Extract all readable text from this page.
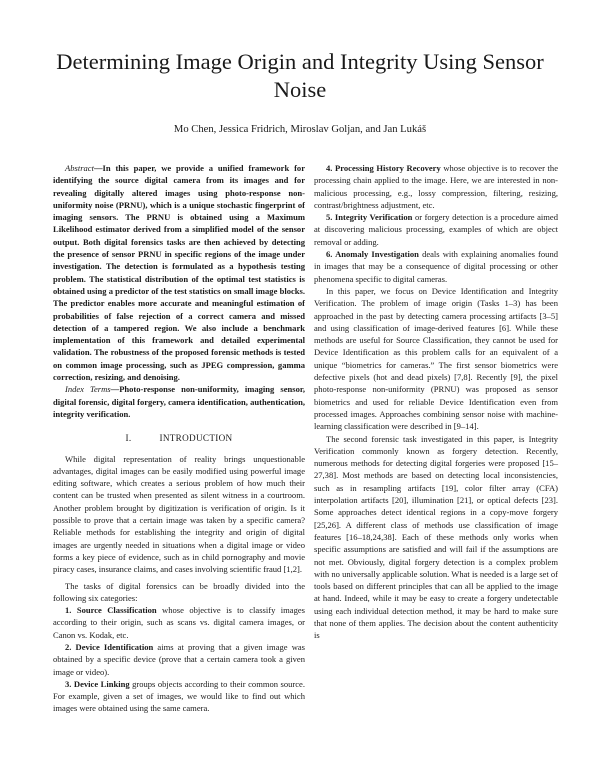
Determining Image Origin and Integrity Using Sensor Noise
Mo Chen, Jessica Fridrich, Miroslav Goljan, and Jan Lukáš

Abstract—In this paper, we provide a unified framework for identifying the source digital camera from its images and for revealing digitally altered images using photo-response non-uniformity noise (PRNU), which is a unique stochastic fingerprint of imaging sensors. The PRNU is obtained using a Maximum Likelihood estimator derived from a simplified model of the sensor output. Both digital forensics tasks are then achieved by detecting the presence of sensor PRNU in specific regions of the image under investigation. The detection is formulated as a hypothesis testing problem. The statistical distribution of the optimal test statistics is obtained using a predictor of the test statistics on small image blocks. The predictor enables more accurate and meaningful estimation of probabilities of false rejection of a correct camera and missed detection of a tampered region. We also include a benchmark implementation of this framework and detailed experimental validation. The robustness of the proposed forensic methods is tested on common image processing, such as JPEG compression, gamma correction, resizing, and denoising.

Index Terms—Photo-response non-uniformity, imaging sensor, digital forensic, digital forgery, camera identification, authentication, integrity verification.

I.	INTRODUCTION

While digital representation of reality brings unquestionable advantages, digital images can be easily modified using powerful image editing software, which creates a serious problem of how much their content can be trusted when presented as silent witness in a courtroom. Another problem brought by digitization is verification of origin. Is it possible to prove that a certain image was taken by a specific camera? Reliable methods for establishing the integrity and origin of digital images are urgently needed in situations when a digital image or video forms a key piece of evidence, such as in child pornography and movie piracy cases, insurance claims, and cases involving scientific fraud [1,2].

The tasks of digital forensics can be broadly divided into the following six categories:

1. Source Classification whose objective is to classify images according to their origin, such as scans vs. digital camera images, or Canon vs. Kodak, etc.

2. Device Identification aims at proving that a given image was obtained by a specific device (prove that a certain camera took a given image or video).

3. Device Linking groups objects according to their common source. For example, given a set of images, we would like to find out which images were obtained using the same camera.

4. Processing History Recovery whose objective is to recover the processing chain applied to the image. Here, we are interested in non-malicious processing, e.g., lossy compression, filtering, resizing, contrast/brightness adjustment, etc.

5. Integrity Verification or forgery detection is a procedure aimed at discovering malicious processing, examples of which are object removal or adding.

6. Anomaly Investigation deals with explaining anomalies found in images that may be a consequence of digital processing or other phenomena specific to digital cameras.

In this paper, we focus on Device Identification and Integrity Verification. The problem of image origin (Tasks 1–3) has been approached in the past by detecting camera processing artifacts [3–5] and using classification of image-derived features [6]. While these methods are useful for Source Classification, they cannot be used for Device Identification as this problem calls for an equivalent of a unique “biometrics for cameras.” The first sensor biometrics were defective pixels (hot and dead pixels) [7,8]. Recently [9], the pixel photo-response non-uniformity (PRNU) was proposed as sensor biometrics and used for reliable Device Identification even from processed images. Approaches combining sensor noise with machine-learning classification were described in [9–14].

The second forensic task investigated in this paper, is Integrity Verification commonly known as forgery detection. Recently, numerous methods for detecting digital forgeries were proposed [15–27,38]. Most methods are based on detecting local inconsistencies, such as in resampling artifacts [19], color filter array (CFA) interpolation artifacts [20], illumination [21], or optical defects [23]. Some approaches detect identical regions in a copy-move forgery [25,26]. A different class of methods use classification of image features [16–18,24,38]. Each of these methods only works when specific assumptions are satisfied and will fail if the assumptions are not met. Obviously, digital forgery detection is a complex problem with no universally applicable solution. What is needed is a large set of tools based on different principles that can all be applied to the image at hand. Indeed, while it may be easy to create a forgery undetectable using each individual detection method, it may be hard to make sure that none of them applies. The decision about the content authenticity is
